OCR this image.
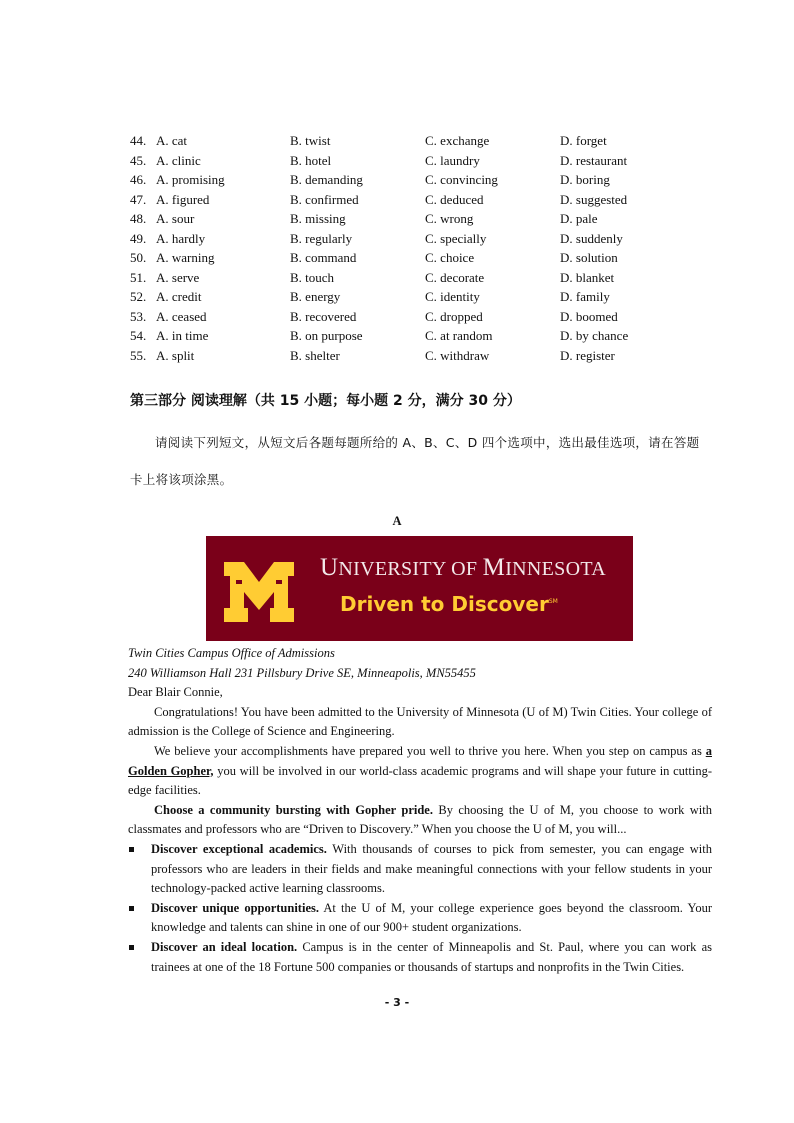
44. A. cat	B. twist	C. exchange	D. forget
45. A. clinic	B. hotel	C. laundry	D. restaurant
46. A. promising	B. demanding	C. convincing	D. boring
47. A. figured	B. confirmed	C. deduced	D. suggested
48. A. sour	B. missing	C. wrong	D. pale
49. A. hardly	B. regularly	C. specially	D. suddenly
50. A. warning	B. command	C. choice	D. solution
51. A. serve	B. touch	C. decorate	D. blanket
52. A. credit	B. energy	C. identity	D. family
53. A. ceased	B. recovered	C. dropped	D. boomed
54. A. in time	B. on purpose	C. at random	D. by chance
55. A. split	B. shelter	C. withdraw	D. register
第三部分 阅读理解（共 15 小题；每小题 2 分，满分 30 分）
请阅读下列短文，从短文后各题每题所给的 A、B、C、D 四个选项中，选出最佳选项，请在答题卡上将该项涂黑。
A
UNIVERSITY OF MINNESOTA
Driven to Discover℠

Twin Cities Campus Office of Admissions

240 Williamson Hall 231 Pillsbury Drive SE, Minneapolis, MN55455

Dear Blair Connie,

Congratulations! You have been admitted to the University of Minnesota (U of M) Twin Cities. Your college of admission is the College of Science and Engineering.

We believe your accomplishments have prepared you well to thrive you here. When you step on campus as a Golden Gopher, you will be involved in our world-class academic programs and will shape your future in cutting-edge facilities.

Choose a community bursting with Gopher pride. By choosing the U of M, you choose to work with classmates and professors who are “Driven to Discovery.” When you choose the U of M, you will...

Discover exceptional academics. With thousands of courses to pick from semester, you can engage with professors who are leaders in their fields and make meaningful connections with your fellow students in your technology-packed active learning classrooms.
Discover unique opportunities. At the U of M, your college experience goes beyond the classroom. Your knowledge and talents can shine in one of our 900+ student organizations.
Discover an ideal location. Campus is in the center of Minneapolis and St. Paul, where you can work as trainees at one of the 18 Fortune 500 companies or thousands of startups and nonprofits in the Twin Cities.
- 3 -
